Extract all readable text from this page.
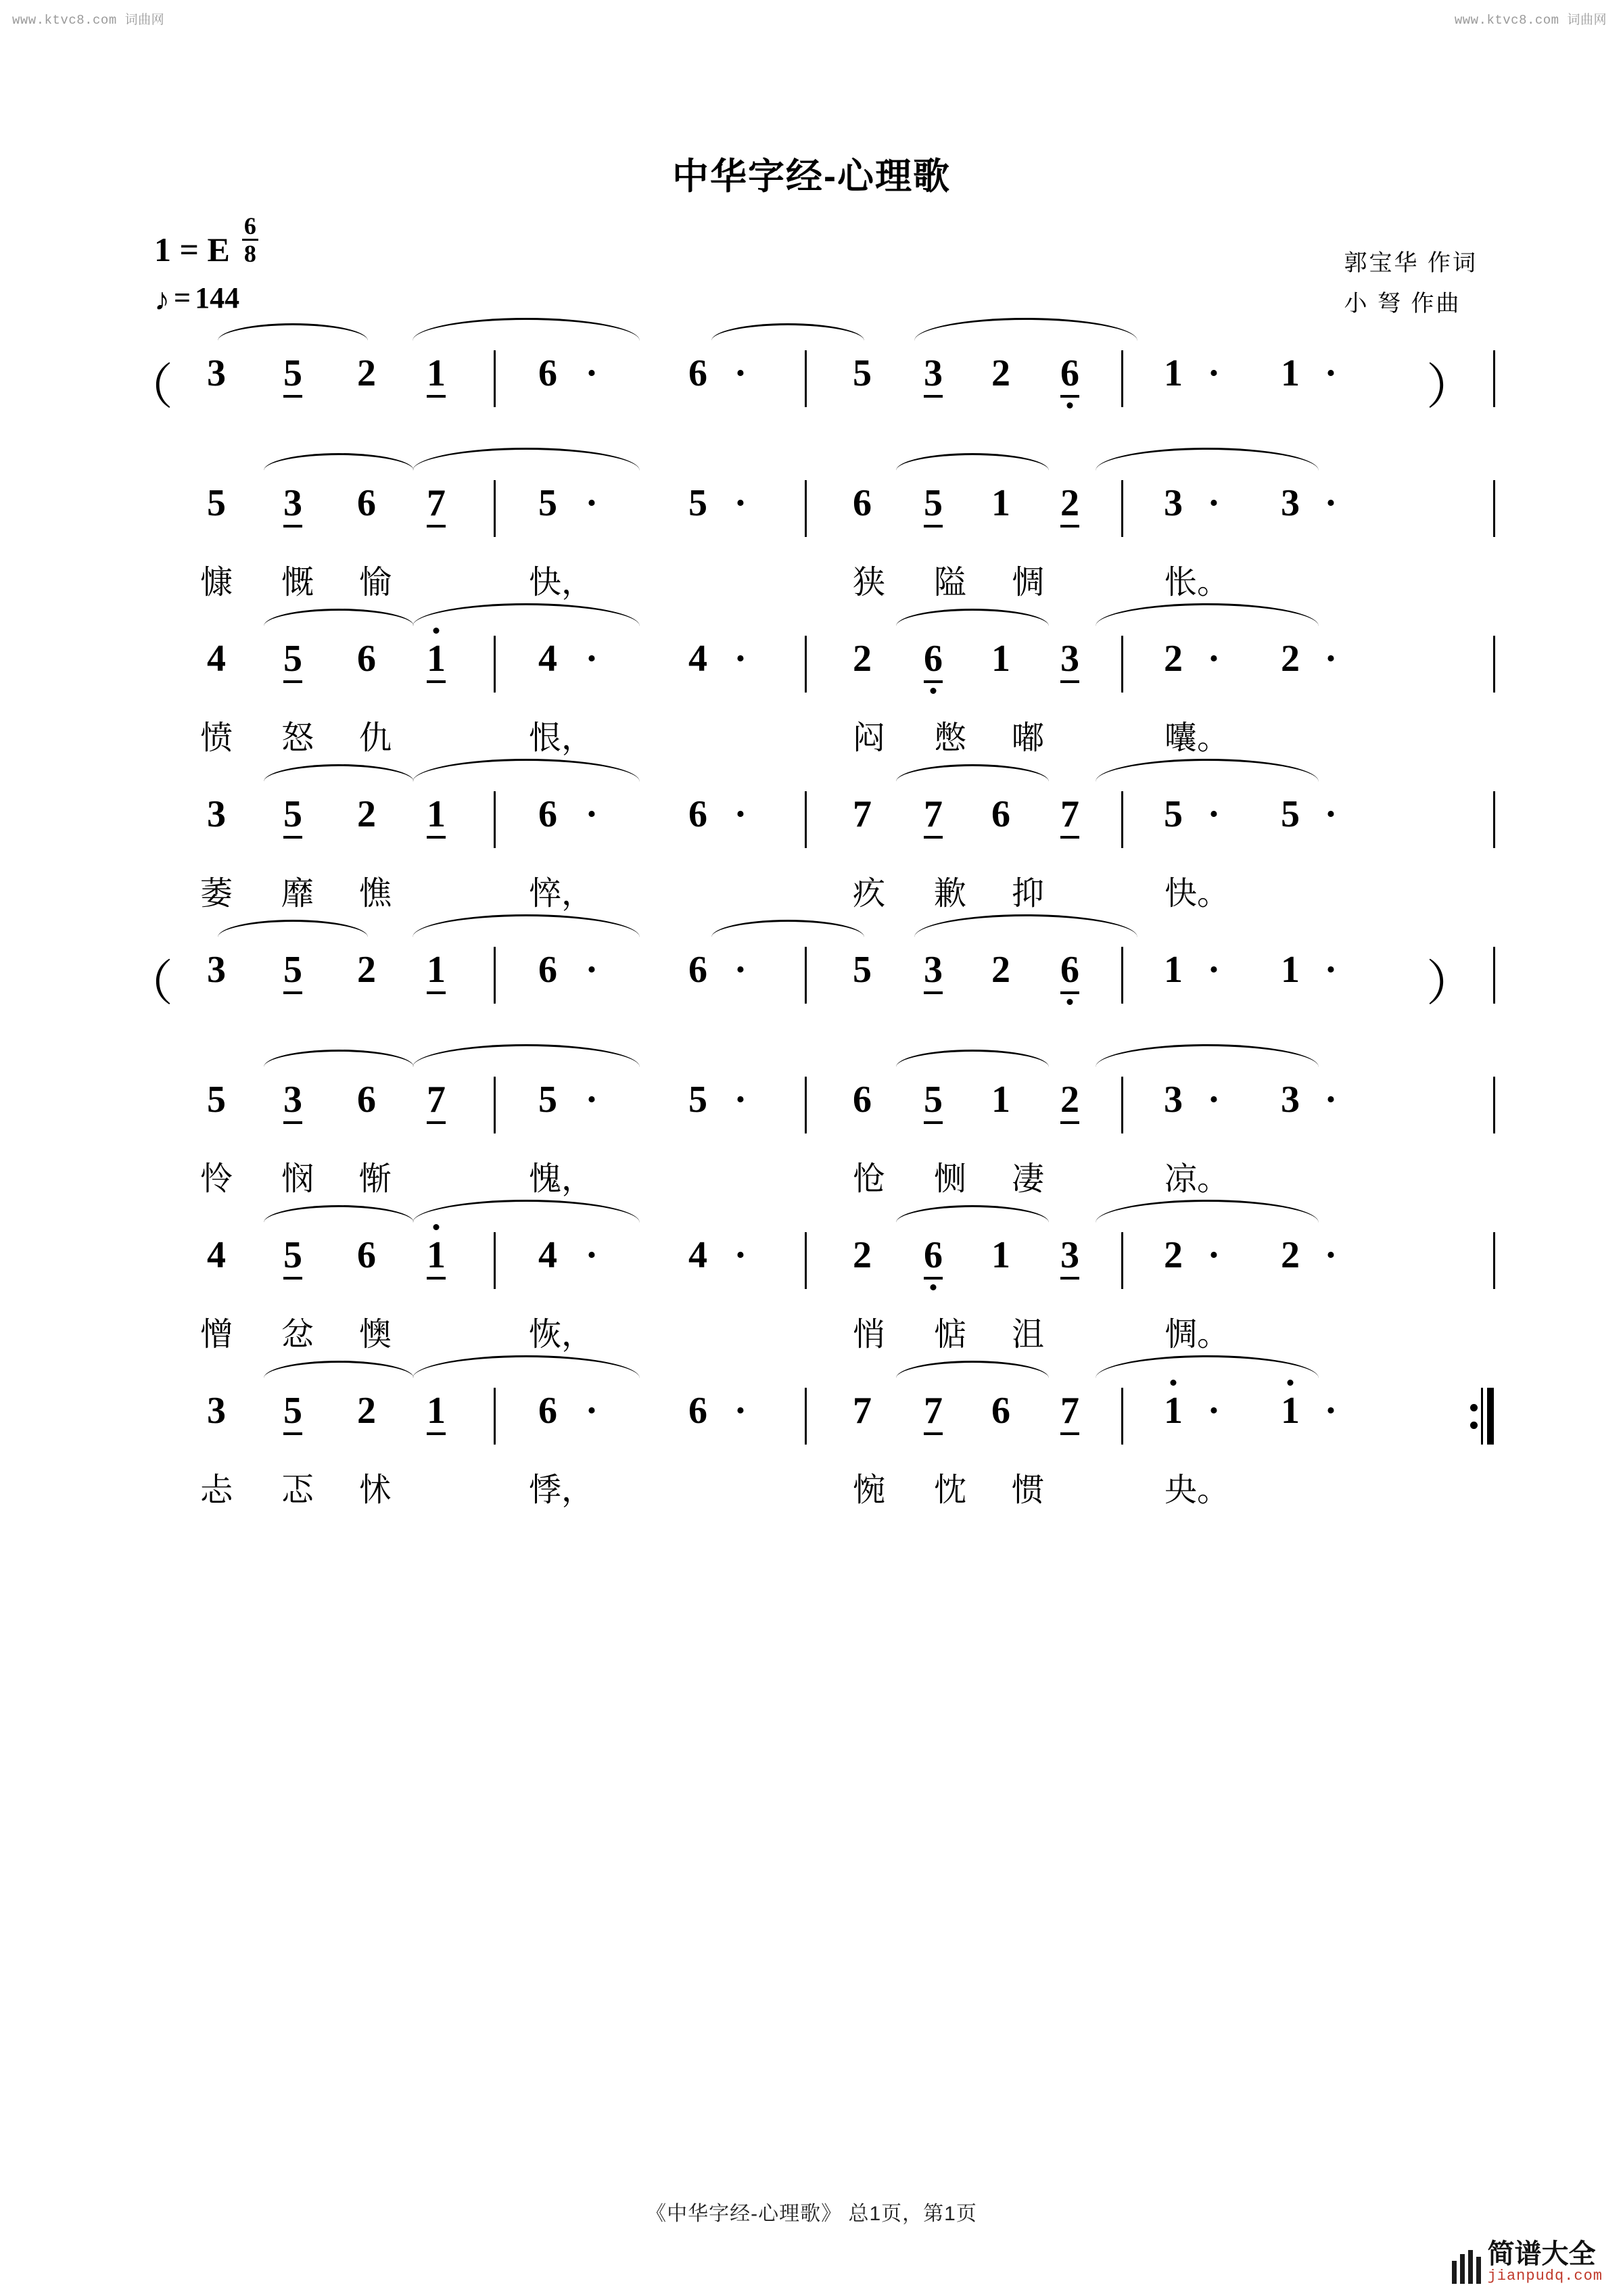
www.ktvc8.com 词曲网	www.ktvc8.com 词曲网
中华字经-心理歌
1 = E $\frac{6}{8}$
♪ = 144
郭宝华 作词
小 弩 作曲
（ 3 5 2 1 6 · 6 ·	5 3 2 6 1 · 1 · ）
5 3 6 7 5 · 5 ·	6 5 1 2 3 · 3 ·
慷 慨 愉	快，	狭 隘 惆	怅。
4 5 6 1 4 · 4 ·	2 6 1 3 2 · 2 ·
愤 怒 仇	恨，	闷 憋 嘟	囔。
3 5 2 1 6 · 6 ·	7 7 6 7 5 · 5 ·
萎 靡 憔	悴，	疚 歉 抑	快。
（ 3 5 2 1 6 · 6 ·	5 3 2 6 1 · 1 · ）
5 3 6 7 5 · 5 ·	6 5 1 2 3 · 3 ·
怜 悯 惭	愧，	怆 恻 凄	凉。
4 5 6 1 4 · 4 ·	2 6 1 3 2 · 2 ·
憎 忿 懊	恢，	悄 惦 沮	惆。
3 5 2 1 6 · 6 ·	7 7 6 7 1 · 1 ·
忐 忑 怵	悸，	惋 忱 惯	央。
《中华字经-心理歌》 总1页，第1页
简谱大全
jianpudq.com
